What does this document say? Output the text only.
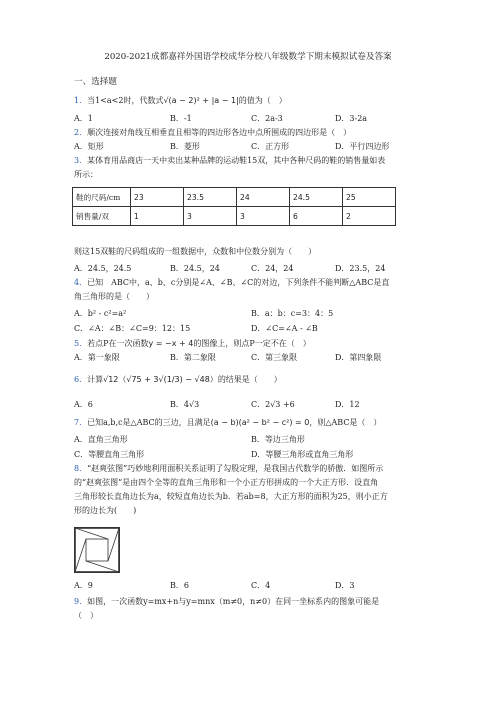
2020-2021成都嘉祥外国语学校成华分校八年级数学下期末模拟试卷及答案
一、选择题
1．当1<a<2时，代数式√(a − 2)² + |a − 1|的值为（　）
A．1	B．-1	C．2a-3	D．3-2a
2．顺次连接对角线互相垂直且相等的四边形各边中点所围成的四边形是（　）
A．矩形	B．菱形	C．正方形	D．平行四边形
3．某体育用品商店一天中卖出某种品牌的运动鞋15双，其中各种尺码的鞋的销售量如表
所示：
鞋的尺码/cm	23	23.5	24	24.5	25
销售量/双	1	3	3	6	2
则这15双鞋的尺码组成的一组数据中，众数和中位数分别为（　　）
A．24.5，24.5	B．24.5，24	C．24，24	D．23.5，24
4．已知　ABC中，a、b、c分别是∠A、∠B、∠C的对边，下列条件不能判断△ABC是直
角三角形的是（　　）
A．b² - c²=a²	B．a：b：c=3：4：5
C．∠A：∠B：∠C=9：12：15	D．∠C=∠A - ∠B
5．若点P在一次函数y = −x + 4的图像上，则点P一定不在（　）
A．第一象限	B．第二象限	C．第三象限	D．第四象限
6．计算√12（√75 + 3√(1/3) − √48）的结果是（　　）
A．6	B．4√3	C．2√3 +6	D．12
7．已知a,b,c是△ABC的三边，且满足(a − b)(a² − b² − c²) = 0，则△ABC是（　）
A．直角三角形	B．等边三角形
C．等腰直角三角形	D．等腰三角形或直角三角形
8．“赵爽弦图”巧妙地利用面积关系证明了勾股定理，是我国古代数学的骄傲．如图所示
的“赵爽弦图”是由四个全等的直角三角形和一个小正方形拼成的一个大正方形．设直角
三角形较长直角边长为a，较短直角边长为b．若ab=8，大正方形的面积为25，则小正方
形的边长为(　　)
A．9	B．6	C．4	D．3
9．如图，一次函数y=mx+n与y=mnx（m≠0，n≠0）在同一坐标系内的图象可能是
（　）
